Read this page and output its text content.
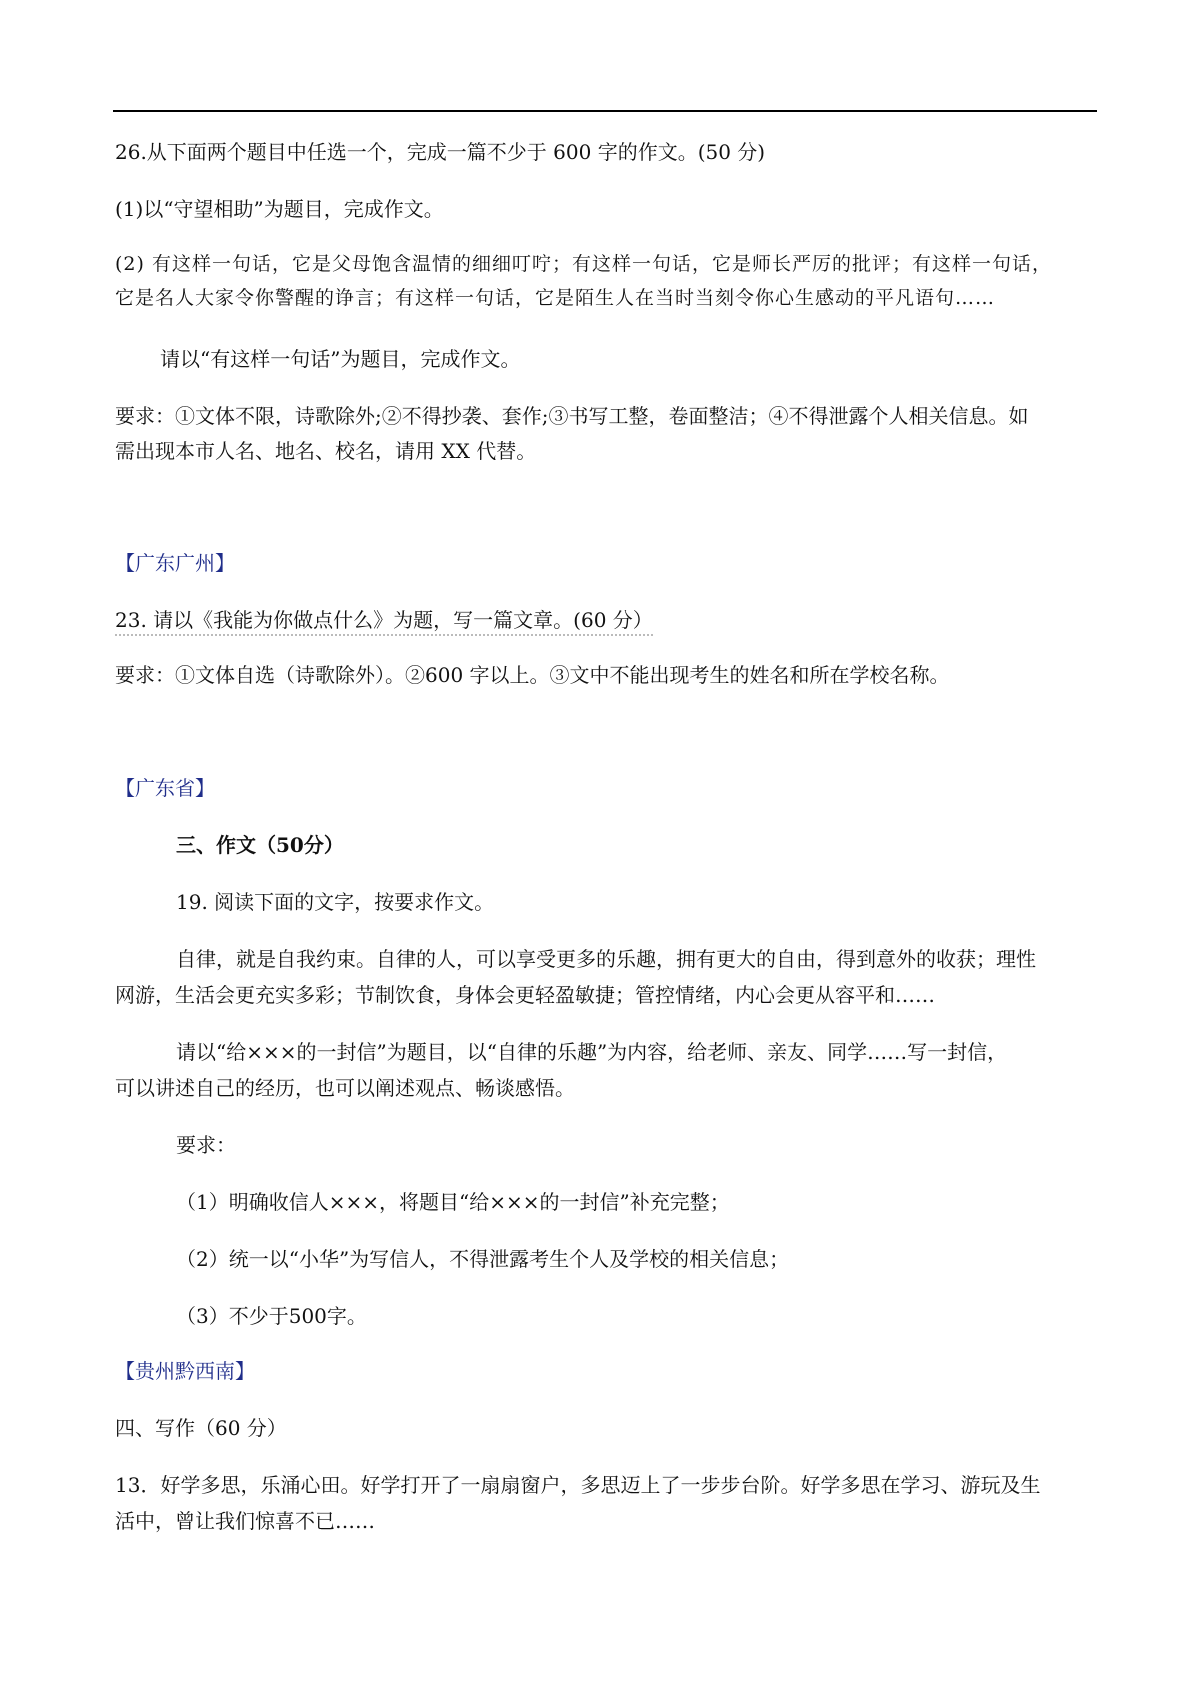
26.从下面两个题目中任选一个，完成一篇不少于 600 字的作文。(50 分)

(1)以“守望相助”为题目，完成作文。

(2) 有这样一句话，它是父母饱含温情的细细叮咛；有这样一句话，它是师长严厉的批评；有这样一句话，

它是名人大家令你警醒的诤言；有这样一句话，它是陌生人在当时当刻令你心生感动的平凡语句……

请以“有这样一句话”为题目，完成作文。

要求：①文体不限，诗歌除外;②不得抄袭、套作;③书写工整，卷面整洁；④不得泄露个人相关信息。如

需出现本市人名、地名、校名，请用 XX 代替。

【广东广州】

23. 请以《我能为你做点什么》为题，写一篇文章。(60 分）

要求：①文体自选（诗歌除外）。②600 字以上。③文中不能出现考生的姓名和所在学校名称。

【广东省】

三、作文（50分）

19. 阅读下面的文字，按要求作文。

自律，就是自我约束。自律的人，可以享受更多的乐趣，拥有更大的自由，得到意外的收获；理性

网游，生活会更充实多彩；节制饮食，身体会更轻盈敏捷；管控情绪，内心会更从容平和……

请以“给×××的一封信”为题目，以“自律的乐趣”为内容，给老师、亲友、同学……写一封信，

可以讲述自己的经历，也可以阐述观点、畅谈感悟。

要求：

（1）明确收信人×××，将题目“给×××的一封信”补充完整；

（2）统一以“小华”为写信人，不得泄露考生个人及学校的相关信息；

（3）不少于500字。

【贵州黔西南】

四、写作（60 分）

13．好学多思，乐涌心田。好学打开了一扇扇窗户，多思迈上了一步步台阶。好学多思在学习、游玩及生

活中，曾让我们惊喜不已……
